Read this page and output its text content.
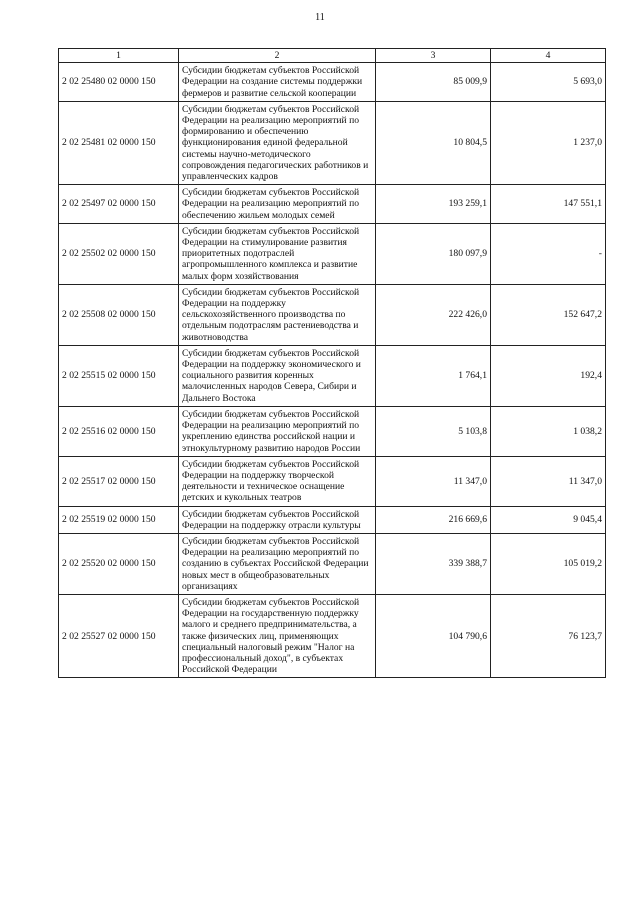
11
1	2	3	4
2 02 25480 02 0000 150	Субсидии бюджетам субъектов Российской Федерации на создание системы поддержки фермеров и развитие сельской кооперации	85 009,9	5 693,0
2 02 25481 02 0000 150	Субсидии бюджетам субъектов Российской Федерации на реализацию мероприятий по формированию и обеспечению функционирования единой федеральной системы научно-методического сопровождения педагогических работников и управленческих кадров	10 804,5	1 237,0
2 02 25497 02 0000 150	Субсидии бюджетам субъектов Российской Федерации на реализацию мероприятий по обеспечению жильем молодых семей	193 259,1	147 551,1
2 02 25502 02 0000 150	Субсидии бюджетам субъектов Российской Федерации на стимулирование развития приоритетных подотраслей агропромышленного комплекса и развитие малых форм хозяйствования	180 097,9	-
2 02 25508 02 0000 150	Субсидии бюджетам субъектов Российской Федерации на поддержку сельскохозяйственного производства по отдельным подотраслям растениеводства и животноводства	222 426,0	152 647,2
2 02 25515 02 0000 150	Субсидии бюджетам субъектов Российской Федерации на поддержку экономического и социального развития коренных малочисленных народов Севера, Сибири и Дальнего Востока	1 764,1	192,4
2 02 25516 02 0000 150	Субсидии бюджетам субъектов Российской Федерации на реализацию мероприятий по укреплению единства российской нации и этнокультурному развитию народов России	5 103,8	1 038,2
2 02 25517 02 0000 150	Субсидии бюджетам субъектов Российской Федерации на поддержку творческой деятельности и техническое оснащение детских и кукольных театров	11 347,0	11 347,0
2 02 25519 02 0000 150	Субсидии бюджетам субъектов Российской Федерации на поддержку отрасли культуры	216 669,6	9 045,4
2 02 25520 02 0000 150	Субсидии бюджетам субъектов Российской Федерации на реализацию мероприятий по созданию в субъектах Российской Федерации новых мест в общеобразовательных организациях	339 388,7	105 019,2
2 02 25527 02 0000 150	Субсидии бюджетам субъектов Российской Федерации на государственную поддержку малого и среднего предпринимательства, а также физических лиц, применяющих специальный налоговый режим "Налог на профессиональный доход", в субъектах Российской Федерации	104 790,6	76 123,7
